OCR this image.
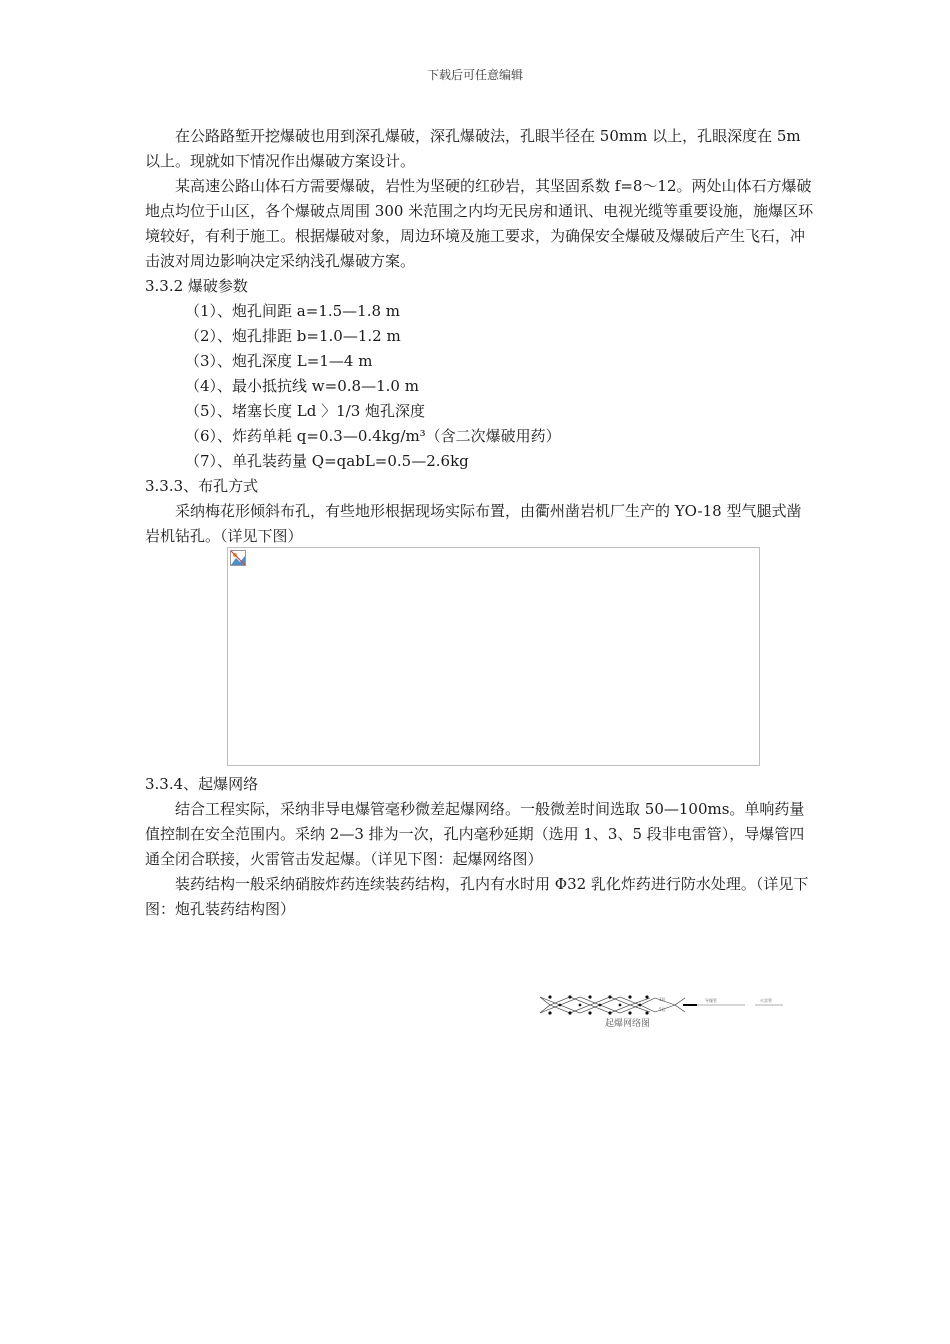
下载后可任意编辑

在公路路堑开挖爆破也用到深孔爆破，深孔爆破法，孔眼半径在 50mm 以上，孔眼深度在 5m 以上。现就如下情况作出爆破方案设计。

某高速公路山体石方需要爆破，岩性为坚硬的红砂岩，其坚固系数 f=8～12。两处山体石方爆破地点均位于山区，各个爆破点周围 300 米范围之内均无民房和通讯、电视光缆等重要设施，施爆区环境较好，有利于施工。根据爆破对象，周边环境及施工要求，为确保安全爆破及爆破后产生飞石，冲击波对周边影响决定采纳浅孔爆破方案。

3.3.2 爆破参数

（1）、炮孔间距 a=1.5—1.8 m

（2）、炮孔排距 b=1.0—1.2 m

（3）、炮孔深度 L=1—4 m

（4）、最小抵抗线 w=0.8—1.0 m

（5）、堵塞长度 Ld 〉1/3 炮孔深度

（6）、炸药单耗 q=0.3—0.4kg/m³（含二次爆破用药）

（7）、单孔装药量 Q=qabL=0.5—2.6kg

3.3.3、布孔方式

采纳梅花形倾斜布孔，有些地形根据现场实际布置，由衢州凿岩机厂生产的 YO-18 型气腿式凿岩机钻孔。（详见下图）

3.3.4、起爆网络

结合工程实际，采纳非导电爆管毫秒微差起爆网络。一般微差时间选取 50—100ms。单响药量值控制在安全范围内。采纳 2—3 排为一次，孔内毫秒延期（选用 1、3、5 段非电雷管），导爆管四通全闭合联接，火雷管击发起爆。（详见下图：起爆网络图）

装药结构一般采纳硝胺炸药连续装药结构，孔内有水时用 Φ32 乳化炸药进行防水处理。（详见下图：炮孔装药结构图）

3段
5段
导爆管	火雷管
起爆网络图
